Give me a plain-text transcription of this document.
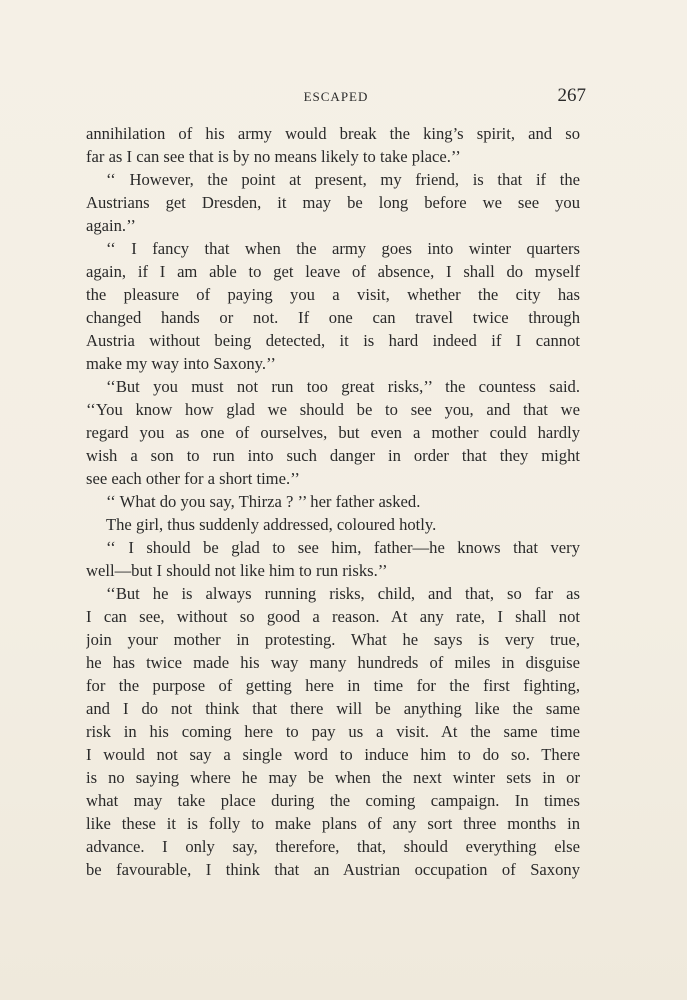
ESCAPED	267
annihilation of his army would break the king’s spirit, and so
far as I can see that is by no means likely to take place.’’
‘‘ However, the point at present, my friend, is that if the
Austrians get Dresden, it may be long before we see you
again.’’
‘‘ I fancy that when the army goes into winter quarters
again, if I am able to get leave of absence, I shall do myself
the pleasure of paying you a visit, whether the city has
changed hands or not. If one can travel twice through
Austria without being detected, it is hard indeed if I cannot
make my way into Saxony.’’
‘‘But you must not run too great risks,’’ the countess said.
‘‘You know how glad we should be to see you, and that we
regard you as one of ourselves, but even a mother could hardly
wish a son to run into such danger in order that they might
see each other for a short time.’’
‘‘ What do you say, Thirza ? ’’ her father asked.
The girl, thus suddenly addressed, coloured hotly.
‘‘ I should be glad to see him, father—he knows that very
well—but I should not like him to run risks.’’
‘‘But he is always running risks, child, and that, so far as
I can see, without so good a reason. At any rate, I shall not
join your mother in protesting. What he says is very true,
he has twice made his way many hundreds of miles in disguise
for the purpose of getting here in time for the first fighting,
and I do not think that there will be anything like the same
risk in his coming here to pay us a visit. At the same time
I would not say a single word to induce him to do so. There
is no saying where he may be when the next winter sets in or
what may take place during the coming campaign. In times
like these it is folly to make plans of any sort three months in
advance. I only say, therefore, that, should everything else
be favourable, I think that an Austrian occupation of Saxony
